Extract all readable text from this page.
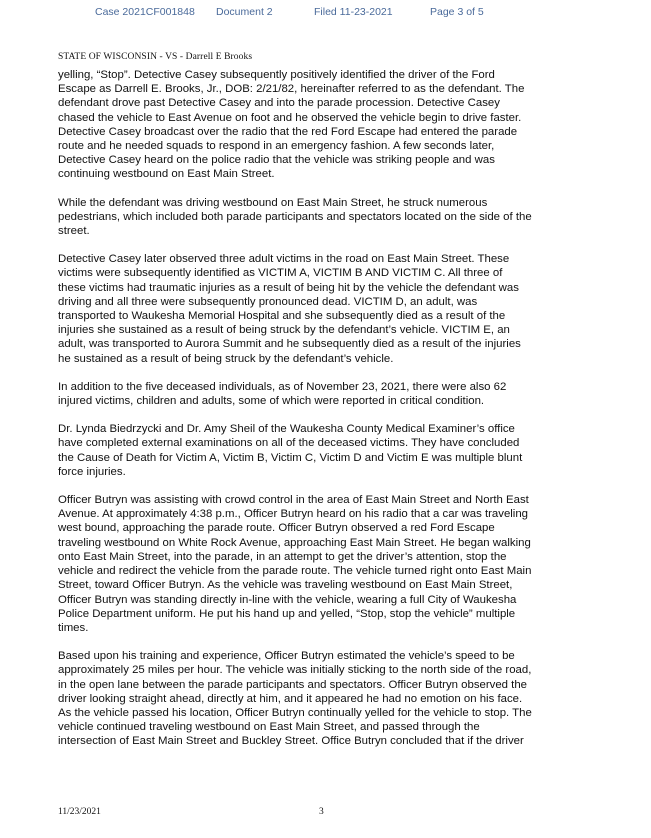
Case 2021CF001848 Document 2	Filed 11-23-2021	Page 3 of 5
STATE OF WISCONSIN - VS - Darrell E Brooks

yelling, “Stop”. Detective Casey subsequently positively identified the driver of the Ford
Escape as Darrell E. Brooks, Jr., DOB: 2/21/82, hereinafter referred to as the defendant. The
defendant drove past Detective Casey and into the parade procession. Detective Casey
chased the vehicle to East Avenue on foot and he observed the vehicle begin to drive faster.
Detective Casey broadcast over the radio that the red Ford Escape had entered the parade
route and he needed squads to respond in an emergency fashion. A few seconds later,
Detective Casey heard on the police radio that the vehicle was striking people and was
continuing westbound on East Main Street.

While the defendant was driving westbound on East Main Street, he struck numerous
pedestrians, which included both parade participants and spectators located on the side of the
street.

Detective Casey later observed three adult victims in the road on East Main Street. These
victims were subsequently identified as VICTIM A, VICTIM B AND VICTIM C. All three of
these victims had traumatic injuries as a result of being hit by the vehicle the defendant was
driving and all three were subsequently pronounced dead. VICTIM D, an adult, was
transported to Waukesha Memorial Hospital and she subsequently died as a result of the
injuries she sustained as a result of being struck by the defendant’s vehicle. VICTIM E, an
adult, was transported to Aurora Summit and he subsequently died as a result of the injuries
he sustained as a result of being struck by the defendant’s vehicle.

In addition to the five deceased individuals, as of November 23, 2021, there were also 62
injured victims, children and adults, some of which were reported in critical condition.

Dr. Lynda Biedrzycki and Dr. Amy Sheil of the Waukesha County Medical Examiner’s office
have completed external examinations on all of the deceased victims. They have concluded
the Cause of Death for Victim A, Victim B, Victim C, Victim D and Victim E was multiple blunt
force injuries.

Officer Butryn was assisting with crowd control in the area of East Main Street and North East
Avenue. At approximately 4:38 p.m., Officer Butryn heard on his radio that a car was traveling
west bound, approaching the parade route. Officer Butryn observed a red Ford Escape
traveling westbound on White Rock Avenue, approaching East Main Street. He began walking
onto East Main Street, into the parade, in an attempt to get the driver’s attention, stop the
vehicle and redirect the vehicle from the parade route. The vehicle turned right onto East Main
Street, toward Officer Butryn. As the vehicle was traveling westbound on East Main Street,
Officer Butryn was standing directly in-line with the vehicle, wearing a full City of Waukesha
Police Department uniform. He put his hand up and yelled, “Stop, stop the vehicle” multiple
times.

Based upon his training and experience, Officer Butryn estimated the vehicle’s speed to be
approximately 25 miles per hour. The vehicle was initially sticking to the north side of the road,
in the open lane between the parade participants and spectators. Officer Butryn observed the
driver looking straight ahead, directly at him, and it appeared he had no emotion on his face.
As the vehicle passed his location, Officer Butryn continually yelled for the vehicle to stop. The
vehicle continued traveling westbound on East Main Street, and passed through the
intersection of East Main Street and Buckley Street. Office Butryn concluded that if the driver

11/23/2021	3
